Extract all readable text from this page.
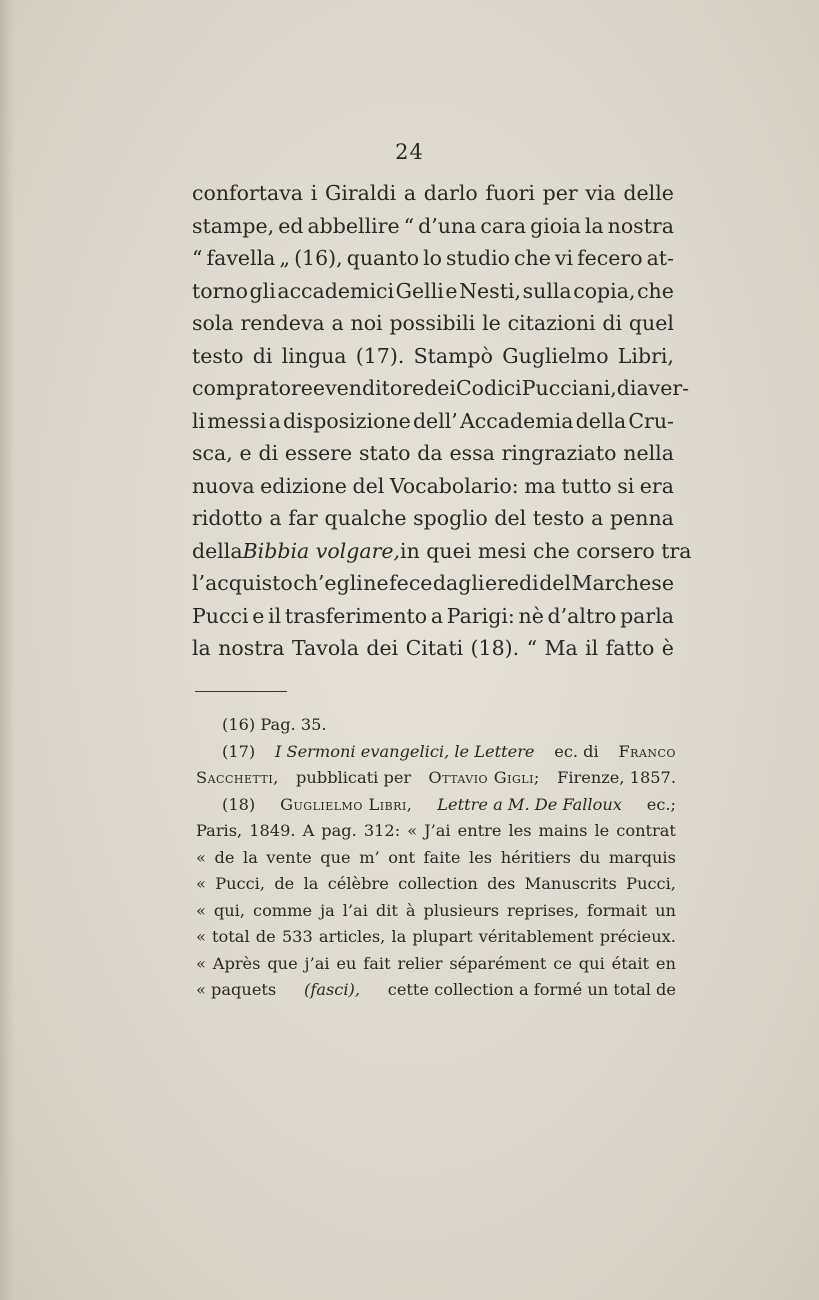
24
confortava i Giraldi a darlo fuori per via delle
stampe, ed abbellire “ d’una cara gioia la nostra
“ favella „ (16), quanto lo studio che vi fecero at-
torno gli accademici Gelli e Nesti, sulla copia, che
sola rendeva a noi possibili le citazioni di quel
testo di lingua (17). Stampò Guglielmo Libri,
compratore e venditore dei Codici Pucciani, di aver-
li messi a disposizione dell’ Accademia della Cru-
sca, e di essere stato da essa ringraziato nella
nuova edizione del Vocabolario: ma tutto si era
ridotto a far qualche spoglio del testo a penna
della Bibbia volgare, in quei mesi che corsero tra
l’acquisto ch’egli ne fece dagli eredi del Marchese
Pucci e il trasferimento a Parigi: nè d’altro parla
la nostra Tavola dei Citati (18). “ Ma il fatto è
(16) Pag. 35.
(17) I Sermoni evangelici, le Lettere ec. di Franco
Sacchetti, pubblicati per Ottavio Gigli; Firenze, 1857.
(18) Guglielmo Libri, Lettre a M. De Falloux ec.;
Paris, 1849. A pag. 312: « J’ai entre les mains le contrat
« de la vente que m’ ont faite les héritiers du marquis
« Pucci, de la célèbre collection des Manuscrits Pucci,
« qui, comme ja l’ai dit à plusieurs reprises, formait un
« total de 533 articles, la plupart véritablement précieux.
« Après que j’ai eu fait relier séparément ce qui était en
« paquets (fasci), cette collection a formé un total de
